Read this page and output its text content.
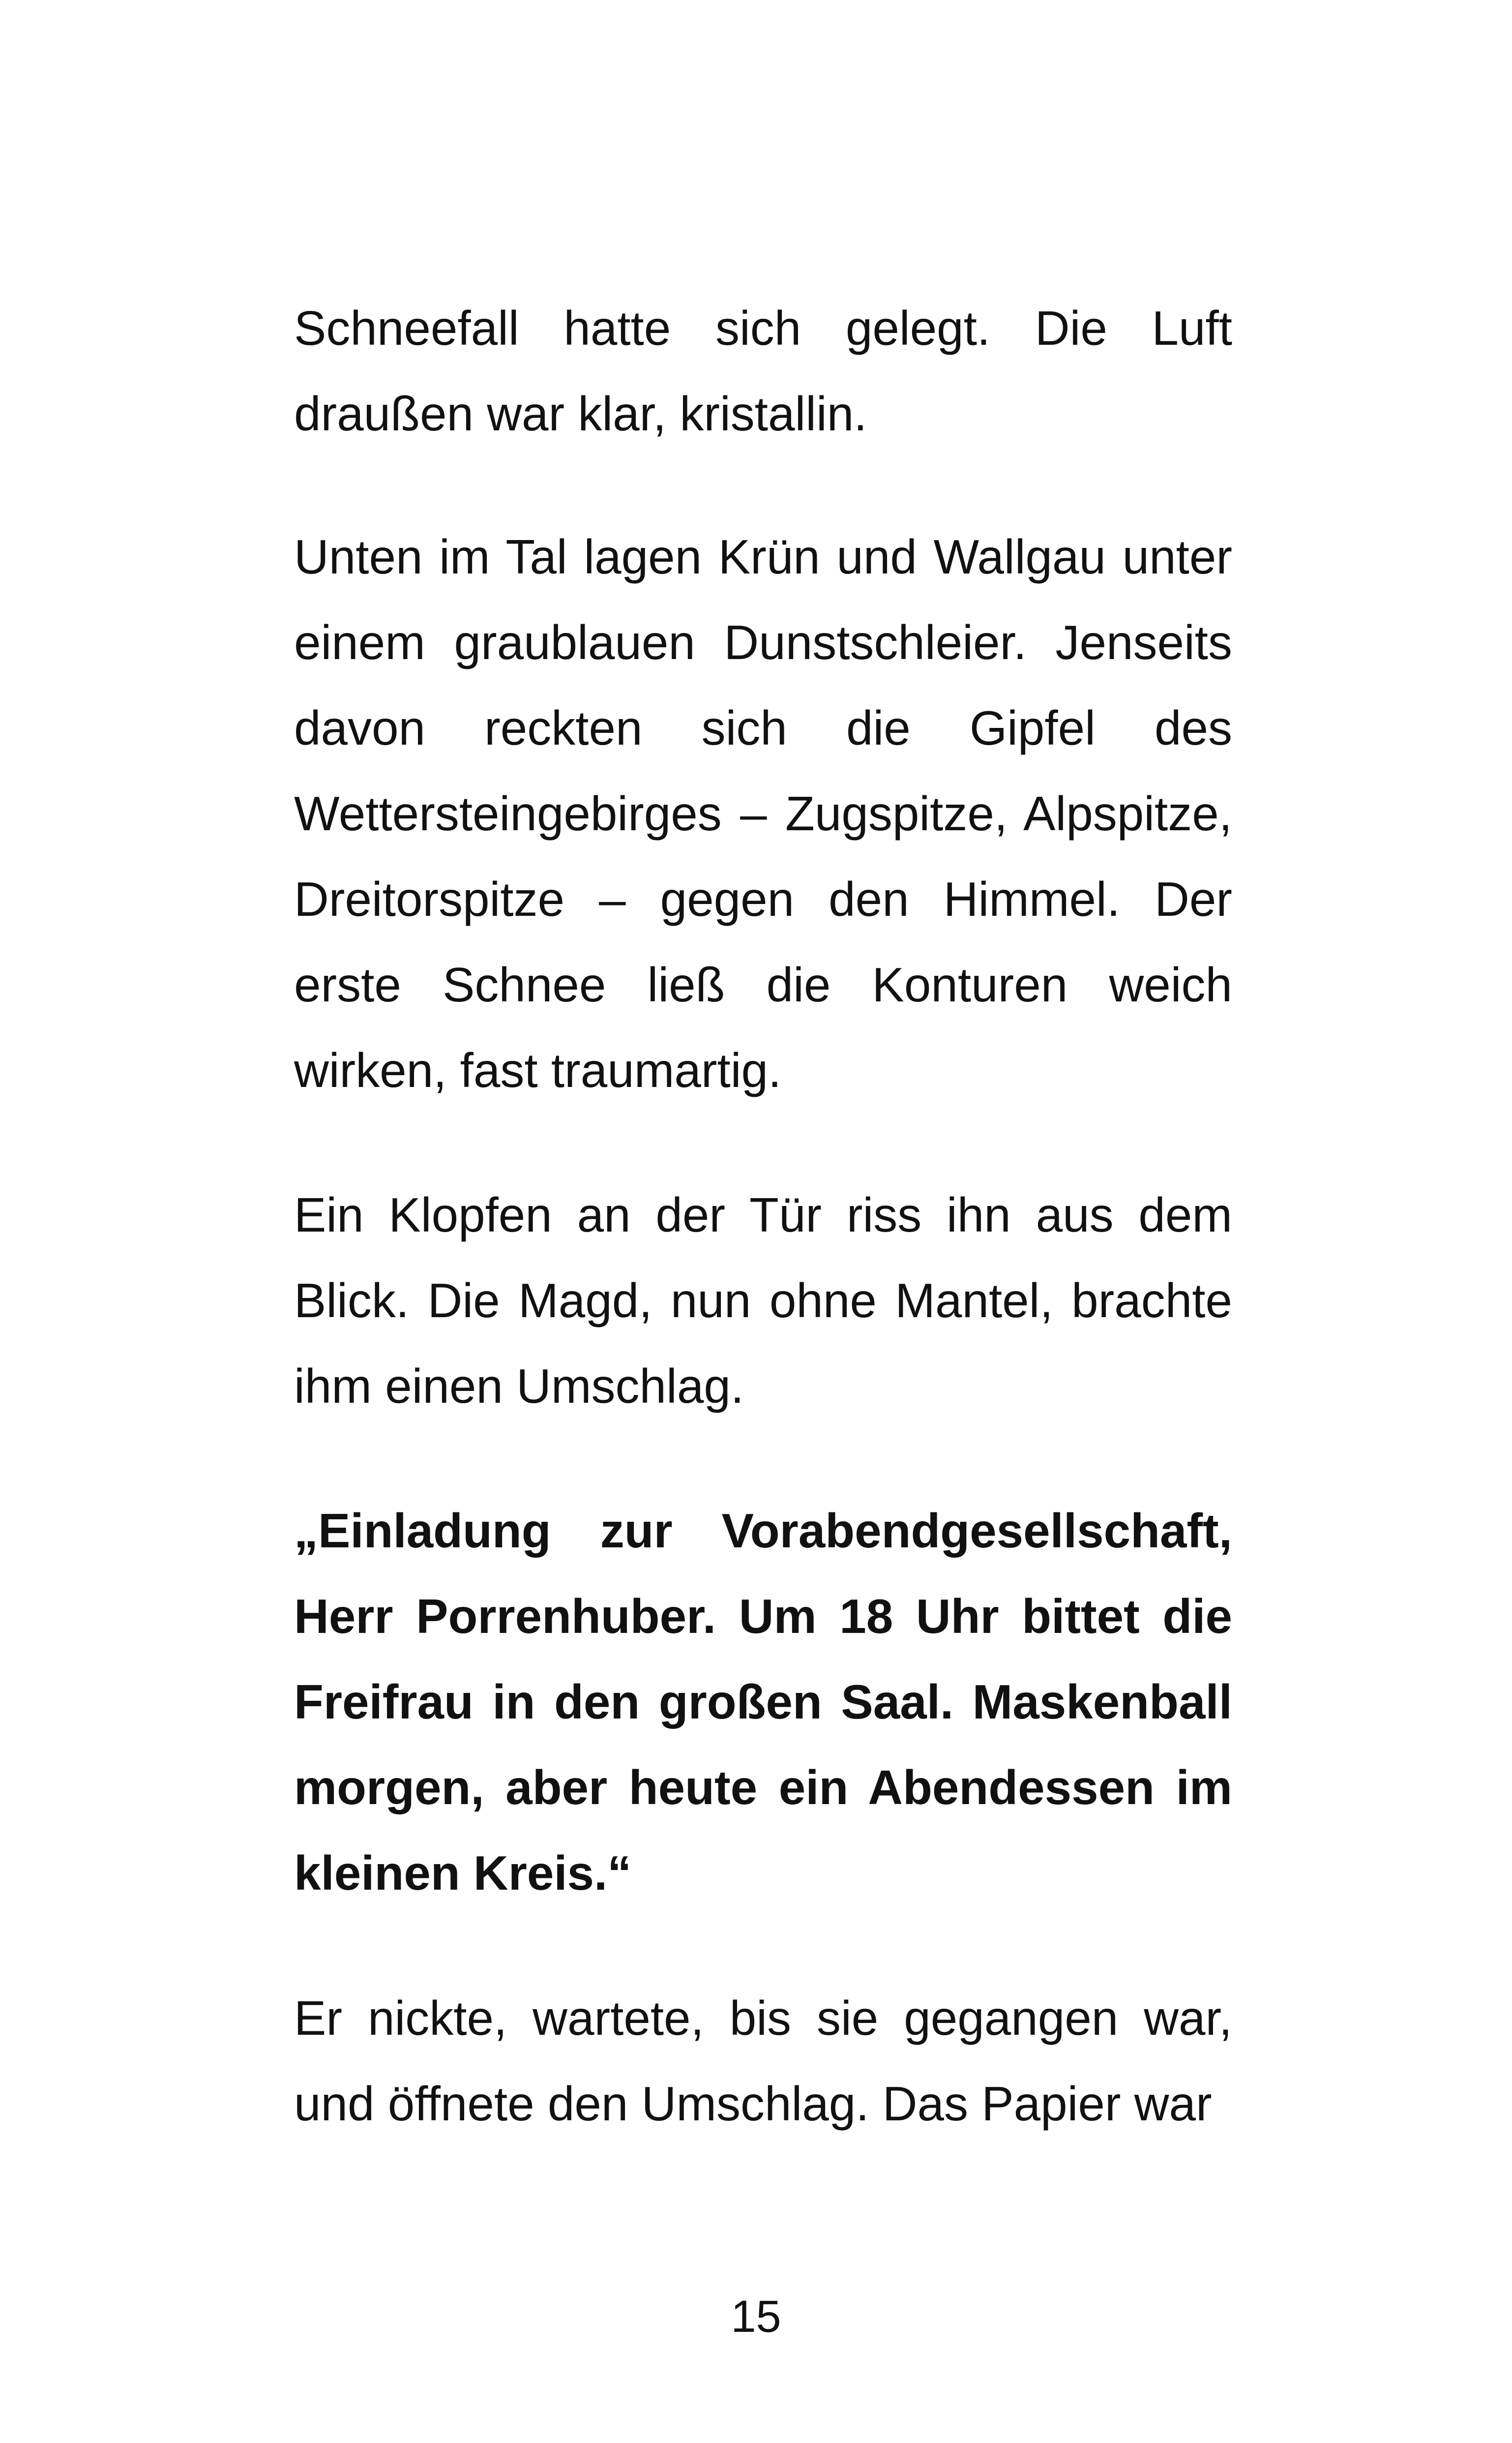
Schneefall hatte sich gelegt. Die Luft draußen war klar, kristallin.

Unten im Tal lagen Krün und Wallgau unter einem graublauen Dunstschleier. Jenseits davon reckten sich die Gipfel des Wettersteingebirges – Zugspitze, Alpspitze, Dreitorspitze – gegen den Himmel. Der erste Schnee ließ die Konturen weich wirken, fast traumartig.

Ein Klopfen an der Tür riss ihn aus dem Blick. Die Magd, nun ohne Mantel, brachte ihm einen Umschlag.

„Einladung zur Vorabendgesellschaft, Herr Porrenhuber. Um 18 Uhr bittet die Freifrau in den großen Saal. Maskenball morgen, aber heute ein Abendessen im kleinen Kreis.“

Er nickte, wartete, bis sie gegangen war, und öffnete den Umschlag. Das Papier war

15
